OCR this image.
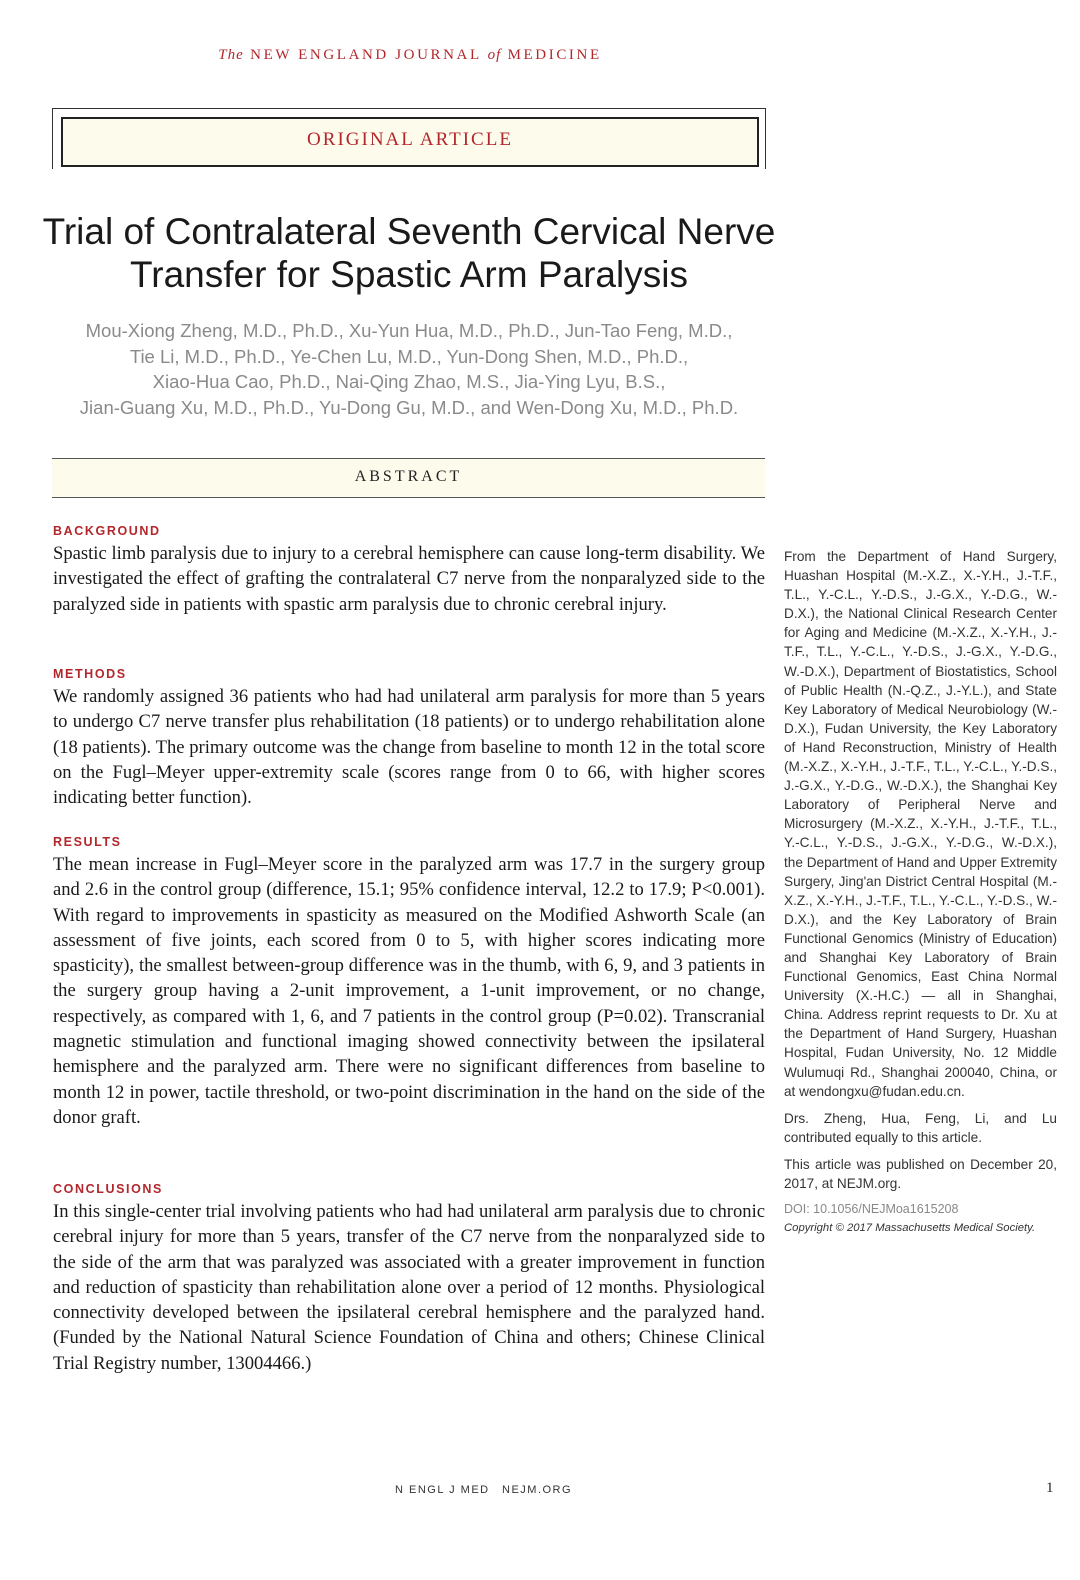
The NEW ENGLAND JOURNAL of MEDICINE
ORIGINAL ARTICLE
Trial of Contralateral Seventh Cervical Nerve Transfer for Spastic Arm Paralysis
Mou-Xiong Zheng, M.D., Ph.D., Xu-Yun Hua, M.D., Ph.D., Jun-Tao Feng, M.D.,
Tie Li, M.D., Ph.D., Ye-Chen Lu, M.D., Yun-Dong Shen, M.D., Ph.D.,
Xiao-Hua Cao, Ph.D., Nai-Qing Zhao, M.S., Jia-Ying Lyu, B.S.,
Jian-Guang Xu, M.D., Ph.D., Yu-Dong Gu, M.D., and Wen-Dong Xu, M.D., Ph.D.
ABSTRACT
BACKGROUND

Spastic limb paralysis due to injury to a cerebral hemisphere can cause long-term disability. We investigated the effect of grafting the contralateral C7 nerve from the nonparalyzed side to the paralyzed side in patients with spastic arm paralysis due to chronic cerebral injury.

METHODS

We randomly assigned 36 patients who had had unilateral arm paralysis for more than 5 years to undergo C7 nerve transfer plus rehabilitation (18 patients) or to undergo rehabilitation alone (18 patients). The primary outcome was the change from baseline to month 12 in the total score on the Fugl–Meyer upper-extremity scale (scores range from 0 to 66, with higher scores indicating better function).

RESULTS

The mean increase in Fugl–Meyer score in the paralyzed arm was 17.7 in the surgery group and 2.6 in the control group (difference, 15.1; 95% confidence interval, 12.2 to 17.9; P<0.001). With regard to improvements in spasticity as measured on the Modified Ashworth Scale (an assessment of five joints, each scored from 0 to 5, with higher scores indicating more spasticity), the smallest between-group difference was in the thumb, with 6, 9, and 3 patients in the surgery group having a 2-unit improvement, a 1-unit improvement, or no change, respectively, as compared with 1, 6, and 7 patients in the control group (P=0.02). Transcranial magnetic stimulation and functional imaging showed connectivity between the ipsilateral hemisphere and the paralyzed arm. There were no significant differences from baseline to month 12 in power, tactile threshold, or two-point discrimination in the hand on the side of the donor graft.

CONCLUSIONS

In this single-center trial involving patients who had had unilateral arm paralysis due to chronic cerebral injury for more than 5 years, transfer of the C7 nerve from the nonparalyzed side to the side of the arm that was paralyzed was associated with a greater improvement in function and reduction of spasticity than rehabilitation alone over a period of 12 months. Physiological connectivity developed between the ipsilateral cerebral hemisphere and the paralyzed hand. (Funded by the National Natural Science Foundation of China and others; Chinese Clinical Trial Registry number, 13004466.)

From the Department of Hand Surgery, Huashan Hospital (M.-X.Z., X.-Y.H., J.-T.F., T.L., Y.-C.L., Y.-D.S., J.-G.X., Y.-D.G., W.-D.X.), the National Clinical Research Center for Aging and Medicine (M.-X.Z., X.-Y.H., J.-T.F., T.L., Y.-C.L., Y.-D.S., J.-G.X., Y.-D.G., W.-D.X.), Department of Biostatistics, School of Public Health (N.-Q.Z., J.-Y.L.), and State Key Laboratory of Medical Neurobiology (W.-D.X.), Fudan University, the Key Laboratory of Hand Reconstruction, Ministry of Health (M.-X.Z., X.-Y.H., J.-T.F., T.L., Y.-C.L., Y.-D.S., J.-G.X., Y.-D.G., W.-D.X.), the Shanghai Key Laboratory of Peripheral Nerve and Microsurgery (M.-X.Z., X.-Y.H., J.-T.F., T.L., Y.-C.L., Y.-D.S., J.-G.X., Y.-D.G., W.-D.X.), the Department of Hand and Upper Extremity Surgery, Jing'an District Central Hospital (M.-X.Z., X.-Y.H., J.-T.F., T.L., Y.-C.L., Y.-D.S., W.-D.X.), and the Key Laboratory of Brain Functional Genomics (Ministry of Education) and Shanghai Key Laboratory of Brain Functional Genomics, East China Normal University (X.-H.C.) — all in Shanghai, China. Address reprint requests to Dr. Xu at the Department of Hand Surgery, Huashan Hospital, Fudan University, No. 12 Middle Wulumuqi Rd., Shanghai 200040, China, or at wendongxu@fudan.edu.cn.

Drs. Zheng, Hua, Feng, Li, and Lu contributed equally to this article.

This article was published on December 20, 2017, at NEJM.org.

DOI: 10.1056/NEJMoa1615208

Copyright © 2017 Massachusetts Medical Society.

N ENGL J MED NEJM.ORG	1
